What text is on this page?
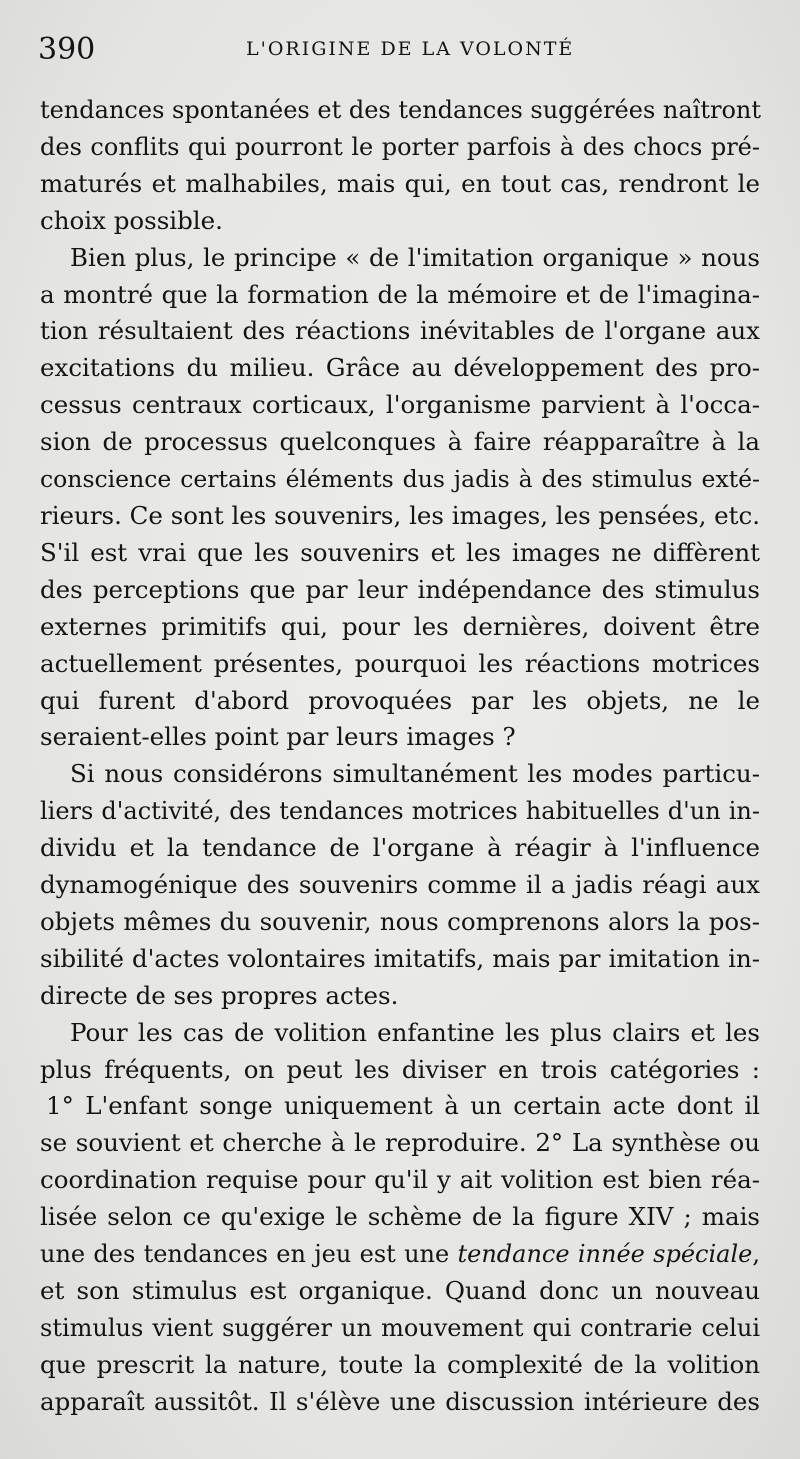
390	L'ORIGINE DE LA VOLONTÉ
tendances spontanées et des tendances suggérées naîtront
des conflits qui pourront le porter parfois à des chocs pré-
maturés et malhabiles, mais qui, en tout cas, rendront le
choix possible.
Bien plus, le principe « de l'imitation organique » nous
a montré que la formation de la mémoire et de l'imagina-
tion résultaient des réactions inévitables de l'organe aux
excitations du milieu. Grâce au développement des pro-
cessus centraux corticaux, l'organisme parvient à l'occa-
sion de processus quelconques à faire réapparaître à la
conscience certains éléments dus jadis à des stimulus exté-
rieurs. Ce sont les souvenirs, les images, les pensées, etc.
S'il est vrai que les souvenirs et les images ne diffèrent
des perceptions que par leur indépendance des stimulus
externes primitifs qui, pour les dernières, doivent être
actuellement présentes, pourquoi les réactions motrices
qui furent d'abord provoquées par les objets, ne le
seraient-elles point par leurs images ?
Si nous considérons simultanément les modes particu-
liers d'activité, des tendances motrices habituelles d'un in-
dividu et la tendance de l'organe à réagir à l'influence
dynamogénique des souvenirs comme il a jadis réagi aux
objets mêmes du souvenir, nous comprenons alors la pos-
sibilité d'actes volontaires imitatifs, mais par imitation in-
directe de ses propres actes.
Pour les cas de volition enfantine les plus clairs et les
plus fréquents, on peut les diviser en trois catégories :
1° L'enfant songe uniquement à un certain acte dont il
se souvient et cherche à le reproduire. 2° La synthèse ou
coordination requise pour qu'il y ait volition est bien réa-
lisée selon ce qu'exige le schème de la figure XIV ; mais
une des tendances en jeu est une tendance innée spéciale,
et son stimulus est organique. Quand donc un nouveau
stimulus vient suggérer un mouvement qui contrarie celui
que prescrit la nature, toute la complexité de la volition
apparaît aussitôt. Il s'élève une discussion intérieure des
